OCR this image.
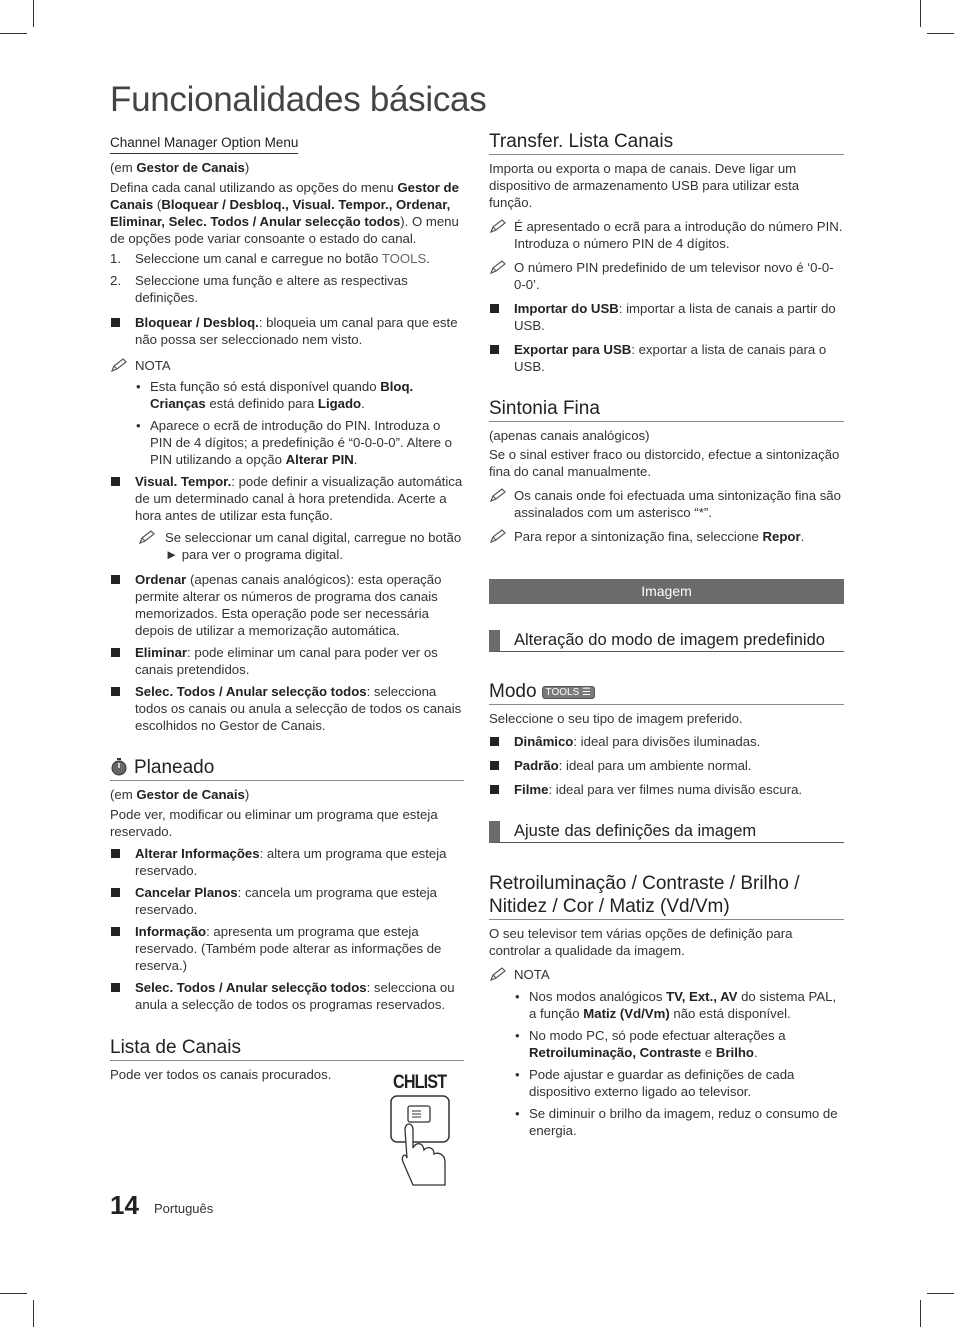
Funcionalidades básicas
Channel Manager Option Menu

(em Gestor de Canais)

Defina cada canal utilizando as opções do menu Gestor de Canais (Bloquear / Desbloq., Visual. Tempor., Ordenar, Eliminar, Selec. Todos / Anular selecção todos). O menu de opções pode variar consoante o estado do canal.

1. Seleccione um canal e carregue no botão TOOLS.
2. Seleccione uma função e altere as respectivas definições.
Bloquear / Desbloq.: bloqueia um canal para que este não possa ser seleccionado nem visto.
NOTA
• Esta função só está disponível quando Bloq. Crianças está definido para Ligado.
• Aparece o ecrã de introdução do PIN. Introduza o PIN de 4 dígitos; a predefinição é “0-0-0-0”. Altere o PIN utilizando a opção Alterar PIN.
Visual. Tempor.: pode definir a visualização automática de um determinado canal à hora pretendida. Acerte a hora antes de utilizar esta função.
Se seleccionar um canal digital, carregue no botão ► para ver o programa digital.
Ordenar (apenas canais analógicos): esta operação permite alterar os números de programa dos canais memorizados. Esta operação pode ser necessária depois de utilizar a memorização automática.
Eliminar: pode eliminar um canal para poder ver os canais pretendidos.
Selec. Todos / Anular selecção todos: selecciona todos os canais ou anula a selecção de todos os canais escolhidos no Gestor de Canais.
Planeado

(em Gestor de Canais)

Pode ver, modificar ou eliminar um programa que esteja reservado.

Alterar Informações: altera um programa que esteja reservado.
Cancelar Planos: cancela um programa que esteja reservado.
Informação: apresenta um programa que esteja reservado. (Também pode alterar as informações de reserva.)
Selec. Todos / Anular selecção todos: selecciona ou anula a selecção de todos os programas reservados.
Lista de Canais

Pode ver todos os canais procurados.	CHLIST
Transfer. Lista Canais

Importa ou exporta o mapa de canais. Deve ligar um dispositivo de armazenamento USB para utilizar esta função.

É apresentado o ecrã para a introdução do número PIN. Introduza o número PIN de 4 dígitos.
O número PIN predefinido de um televisor novo é ‘0-0-0-0’.
Importar do USB: importar a lista de canais a partir do USB.
Exportar para USB: exportar a lista de canais para o USB.
Sintonia Fina

(apenas canais analógicos)

Se o sinal estiver fraco ou distorcido, efectue a sintonização fina do canal manualmente.

Os canais onde foi efectuada uma sintonização fina são assinalados com um asterisco “*”.
Para repor a sintonização fina, seleccione Repor.
Imagem
Alteração do modo de imagem predefinido
Modo TOOLS ☰

Seleccione o seu tipo de imagem preferido.

Dinâmico: ideal para divisões iluminadas.
Padrão: ideal para um ambiente normal.
Filme: ideal para ver filmes numa divisão escura.
Ajuste das definições da imagem
Retroiluminação / Contraste / Brilho / Nitidez / Cor / Matiz (Vd/Vm)

O seu televisor tem várias opções de definição para controlar a qualidade da imagem.

NOTA
• Nos modos analógicos TV, Ext., AV do sistema PAL, a função Matiz (Vd/Vm) não está disponível.
• No modo PC, só pode efectuar alterações a Retroiluminação, Contraste e Brilho.
• Pode ajustar e guardar as definições de cada dispositivo externo ligado ao televisor.
• Se diminuir o brilho da imagem, reduz o consumo de energia.
14 Português
